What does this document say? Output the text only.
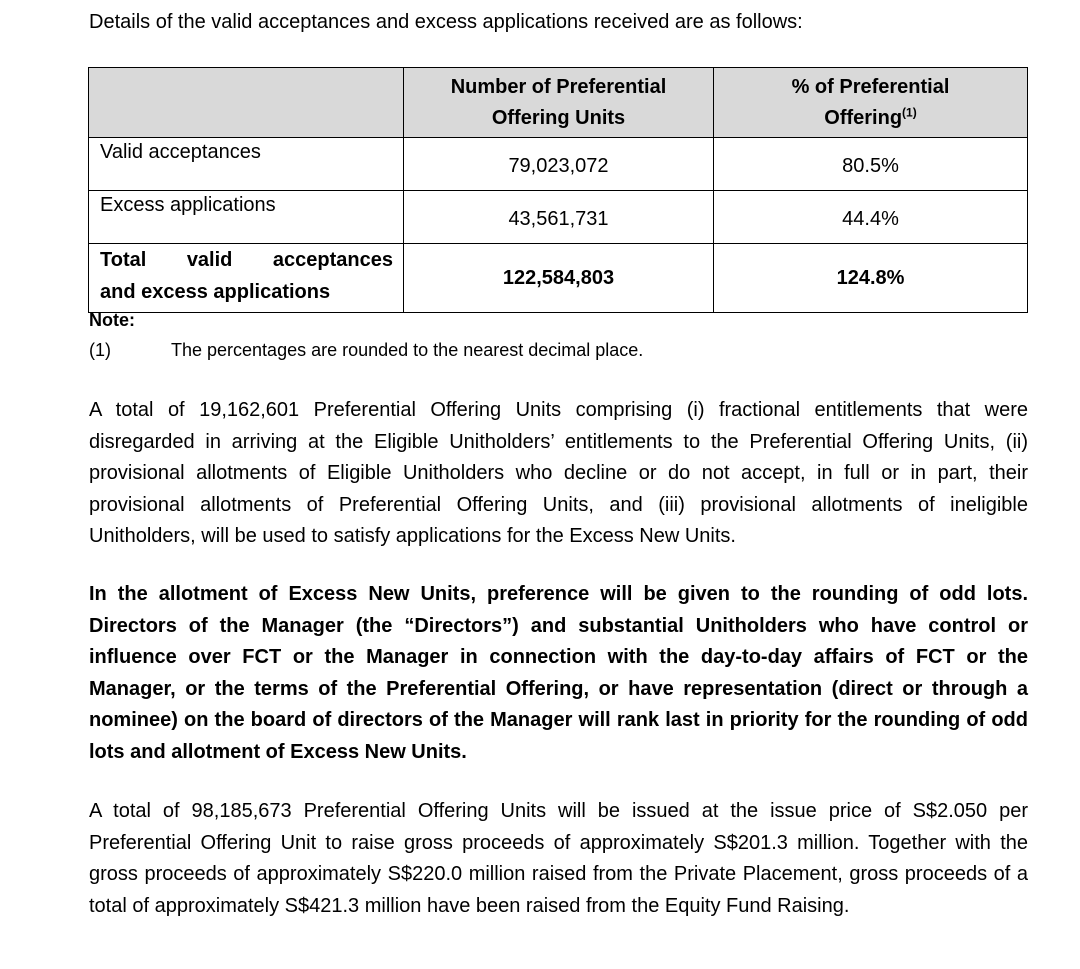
Details of the valid acceptances and excess applications received are as follows:

	Number of Preferential Offering Units	% of Preferential Offering$^{(1)}$
Valid acceptances	79,023,072	80.5%
Excess applications	43,561,731	44.4%

Total valid acceptances
and excess applications	122,584,803	124.8%
Note:
(1)	The percentages are rounded to the nearest decimal place.

A total of 19,162,601 Preferential Offering Units comprising (i) fractional entitlements that were disregarded in arriving at the Eligible Unitholders’ entitlements to the Preferential Offering Units, (ii) provisional allotments of Eligible Unitholders who decline or do not accept, in full or in part, their provisional allotments of Preferential Offering Units, and (iii) provisional allotments of ineligible Unitholders, will be used to satisfy applications for the Excess New Units.

In the allotment of Excess New Units, preference will be given to the rounding of odd lots. Directors of the Manager (the “Directors”) and substantial Unitholders who have control or influence over FCT or the Manager in connection with the day-to-day affairs of FCT or the Manager, or the terms of the Preferential Offering, or have representation (direct or through a nominee) on the board of directors of the Manager will rank last in priority for the rounding of odd lots and allotment of Excess New Units.

A total of 98,185,673 Preferential Offering Units will be issued at the issue price of S$2.050 per Preferential Offering Unit to raise gross proceeds of approximately S$201.3 million. Together with the gross proceeds of approximately S$220.0 million raised from the Private Placement, gross proceeds of a total of approximately S$421.3 million have been raised from the Equity Fund Raising.
